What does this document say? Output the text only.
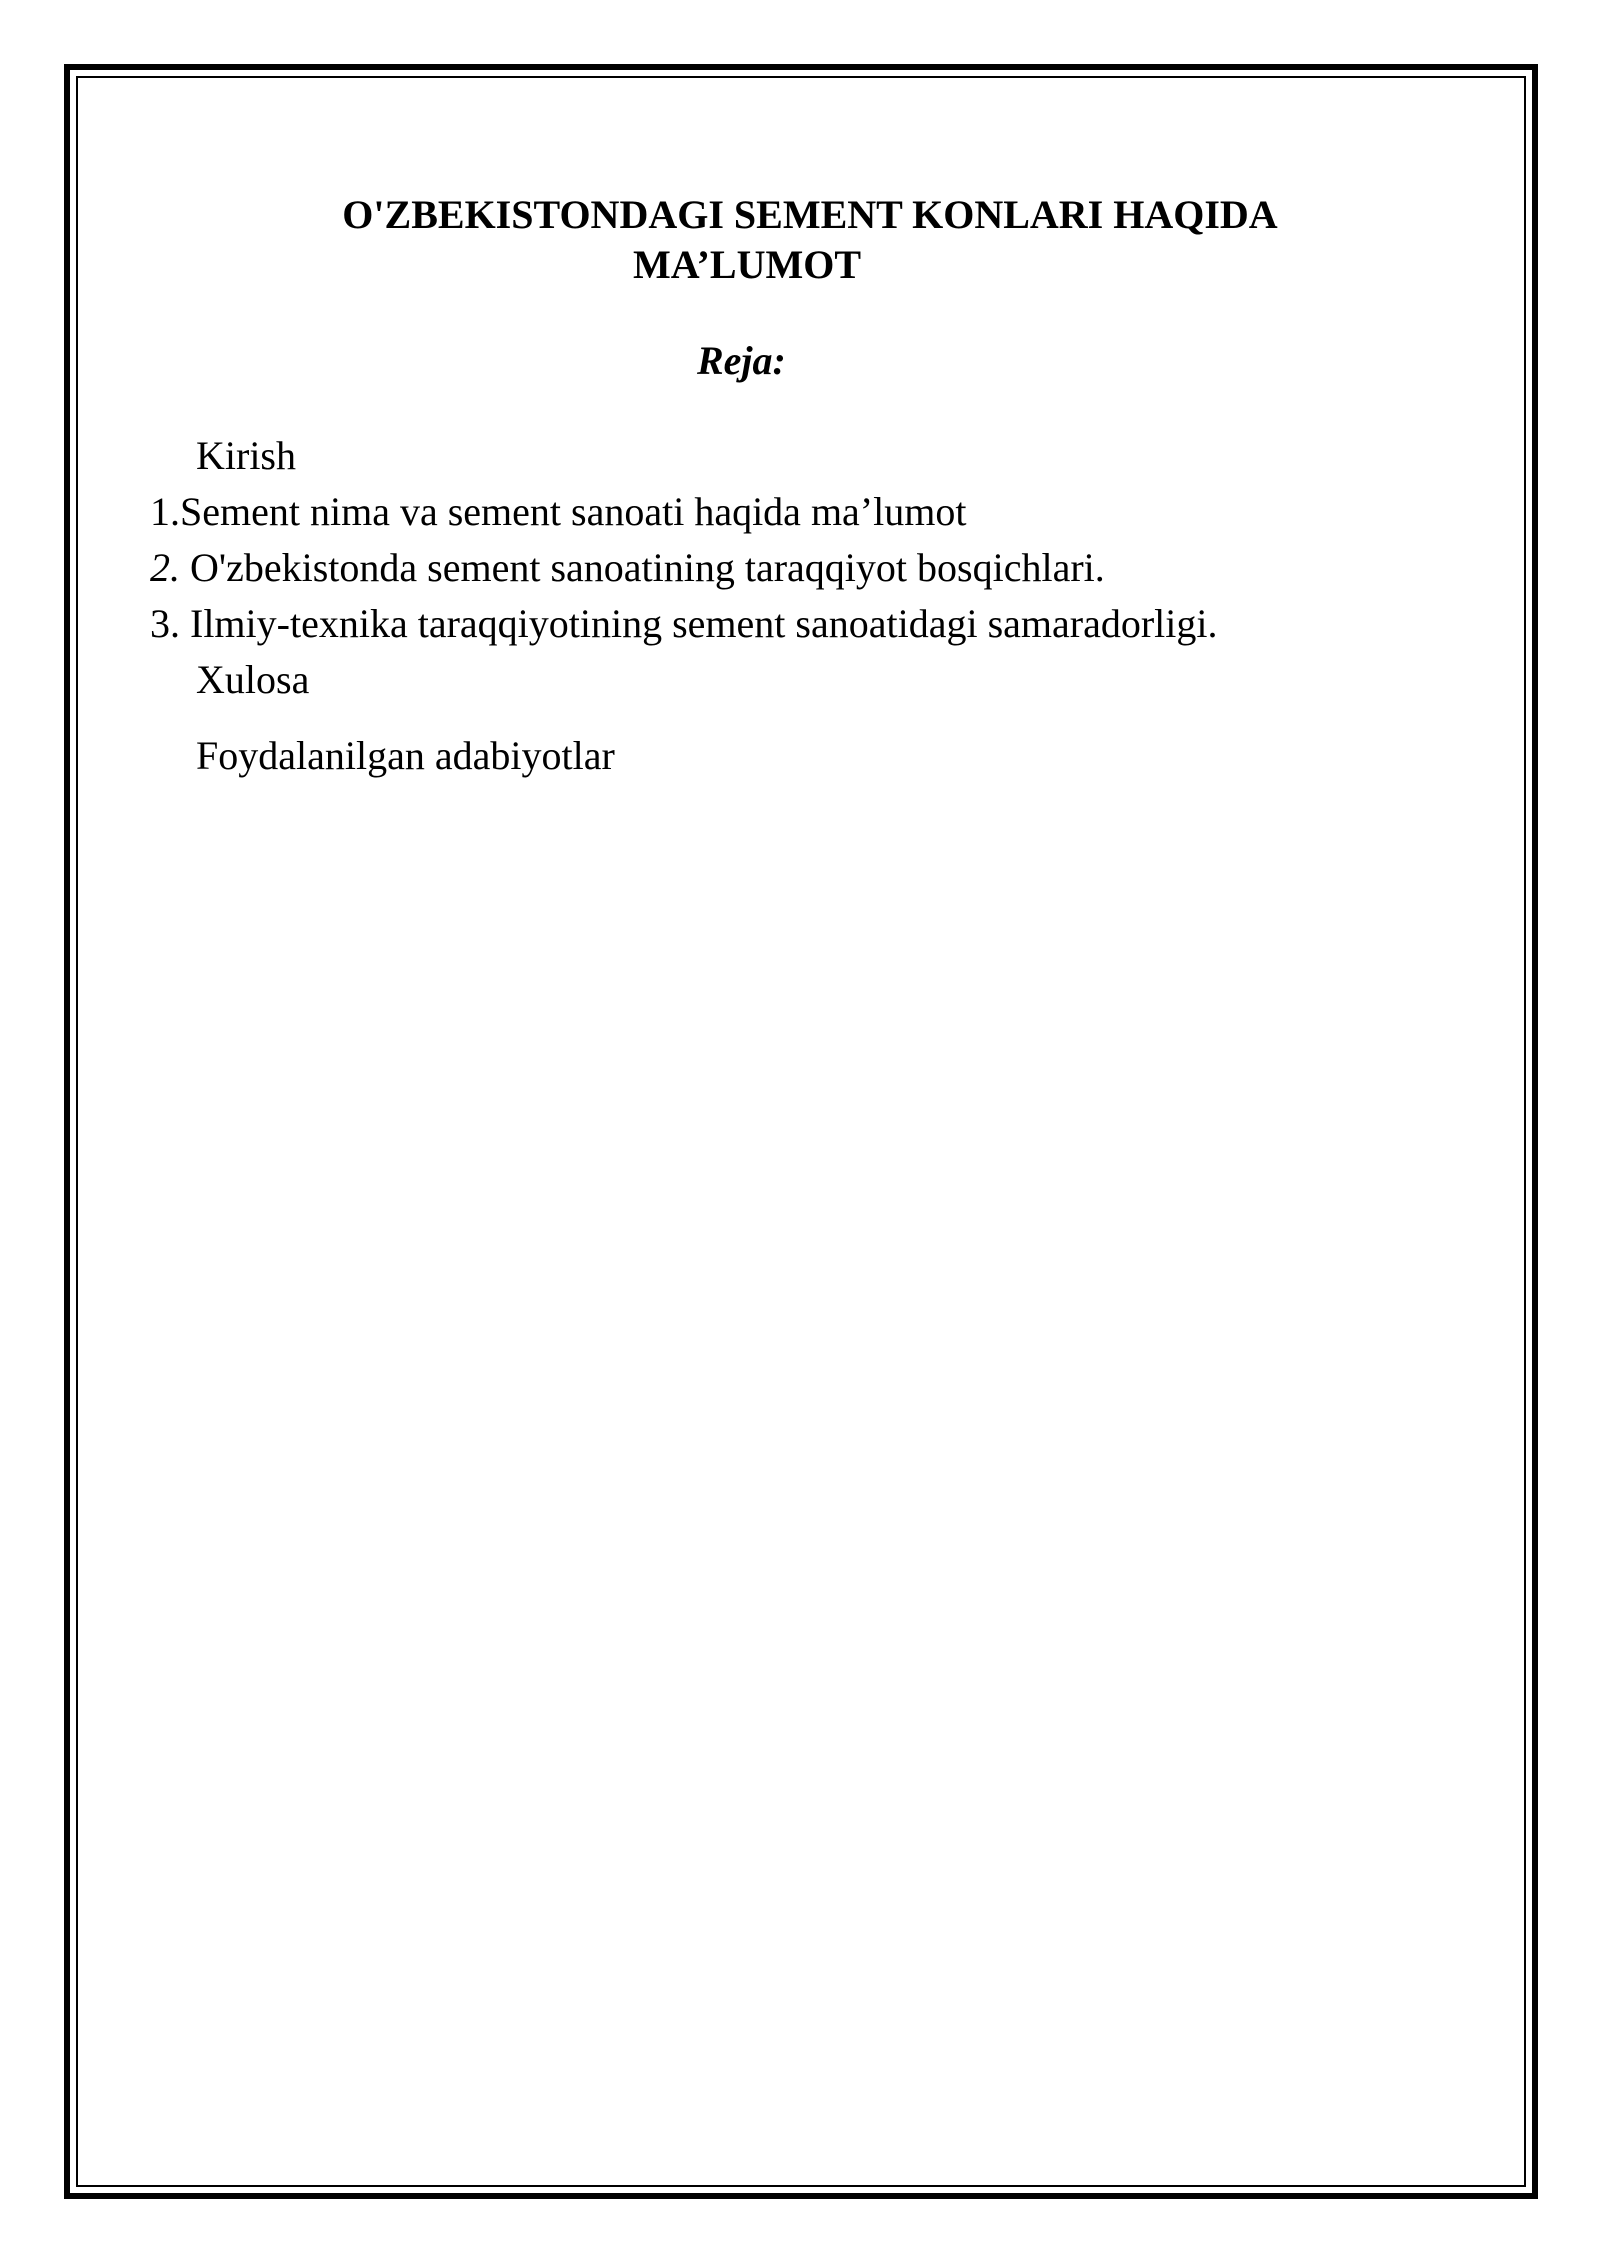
O'ZBEKISTONDAGI SEMENT KONLARI HAQIDA
MA’LUMOT
Reja:
Kirish
1.Sement nima va sement sanoati haqida ma’lumot
2. O'zbekistonda sement sanoatining taraqqiyot bosqichlari.
3. Ilmiy-texnika taraqqiyotining sement sanoatidagi samaradorligi.
Xulosa
Foydalanilgan adabiyotlar
